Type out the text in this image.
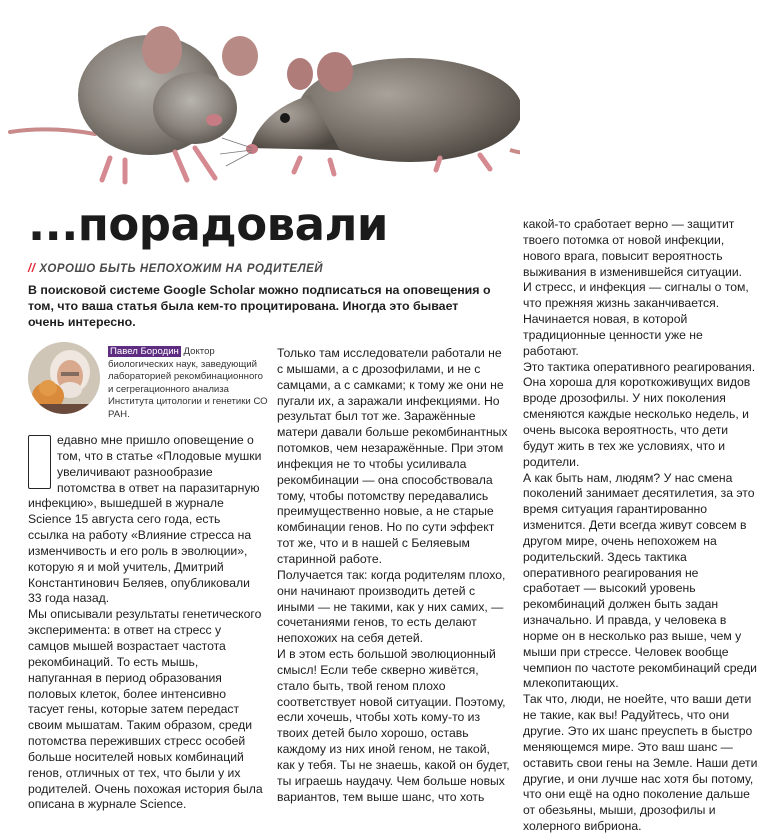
...порадовали
// ХОРОШО БЫТЬ НЕПОХОЖИМ НА РОДИТЕЛЕЙ

В поисковой системе Google Scholar можно подписаться на оповещения о том, что ваша статья была кем-то процитирована. Иногда это бывает очень интересно.

Павел Бородин Доктор биологических наук, заведующий лабораторией рекомбинационного и сегрегационного анализа Института цитологии и генетики СО РАН.

едавно мне пришло оповещение о том, что в статье «Плодовые мушки увеличивают разнообразие потомства в ответ на паразитарную инфекцию», вышедшей в журнале Science 15 августа сего года, есть ссылка на работу «Влияние стресса на изменчивость и его роль в эволюции», которую я и мой учитель, Дмитрий Константинович Беляев, опубликовали 33 года назад.

Мы описывали результаты генетического эксперимента: в ответ на стресс у самцов мышей возрастает частота рекомбинаций. То есть мышь, напуганная в период образования половых клеток, более интенсивно тасует гены, которые затем передаст своим мышатам. Таким образом, среди потомства переживших стресс особей больше носителей новых комбинаций генов, отличных от тех, что были у их родителей. Очень похожая история была описана в журнале Science.

Только там исследователи работали не с мышами, а с дрозофилами, и не с самцами, а с самками; к тому же они не пугали их, а заражали инфекциями. Но результат был тот же. Заражённые матери давали больше рекомбинантных потомков, чем незаражённые. При этом инфекция не то чтобы усиливала рекомбинации — она способствовала тому, чтобы потомству передавались преимущественно новые, а не старые комбинации генов. Но по сути эффект тот же, что и в нашей с Беляевым старинной работе.

Получается так: когда родителям плохо, они начинают производить детей с иными — не такими, как у них самих, — сочетаниями генов, то есть делают непохожих на себя детей.

И в этом есть большой эволюционный смысл! Если тебе скверно живётся, стало быть, твой геном плохо соответствует новой ситуации. Поэтому, если хочешь, чтобы хоть кому-то из твоих детей было хорошо, оставь каждому из них иной геном, не такой, как у тебя. Ты не знаешь, какой он будет, ты играешь наудачу. Чем больше новых вариантов, тем выше шанс, что хоть

какой-то сработает верно — защитит твоего потомка от новой инфекции, нового врага, повысит вероятность выживания в изменившейся ситуации.

И стресс, и инфекция — сигналы о том, что прежняя жизнь заканчивается. Начинается новая, в которой традиционные ценности уже не работают.

Это тактика оперативного реагирования. Она хороша для короткоживущих видов вроде дрозофилы. У них поколения сменяются каждые несколько недель, и очень высока вероятность, что дети будут жить в тех же условиях, что и родители.

А как быть нам, людям? У нас смена поколений занимает десятилетия, за это время ситуация гарантированно изменится. Дети всегда живут совсем в другом мире, очень непохожем на родительский. Здесь тактика оперативного реагирования не сработает — высокий уровень рекомбинаций должен быть задан изначально. И правда, у человека в норме он в несколько раз выше, чем у мыши при стрессе. Человек вообще чемпион по частоте рекомбинаций среди млекопитающих.

Так что, люди, не ноейте, что ваши дети не такие, как вы! Радуйтесь, что они другие. Это их шанс преуспеть в быстро меняющемся мире. Это ваш шанс — оставить свои гены на Земле. Наши дети другие, и они лучше нас хотя бы потому, что они ещё на одно поколение дальше от обезьяны, мыши, дрозофилы и холерного вибриона.
